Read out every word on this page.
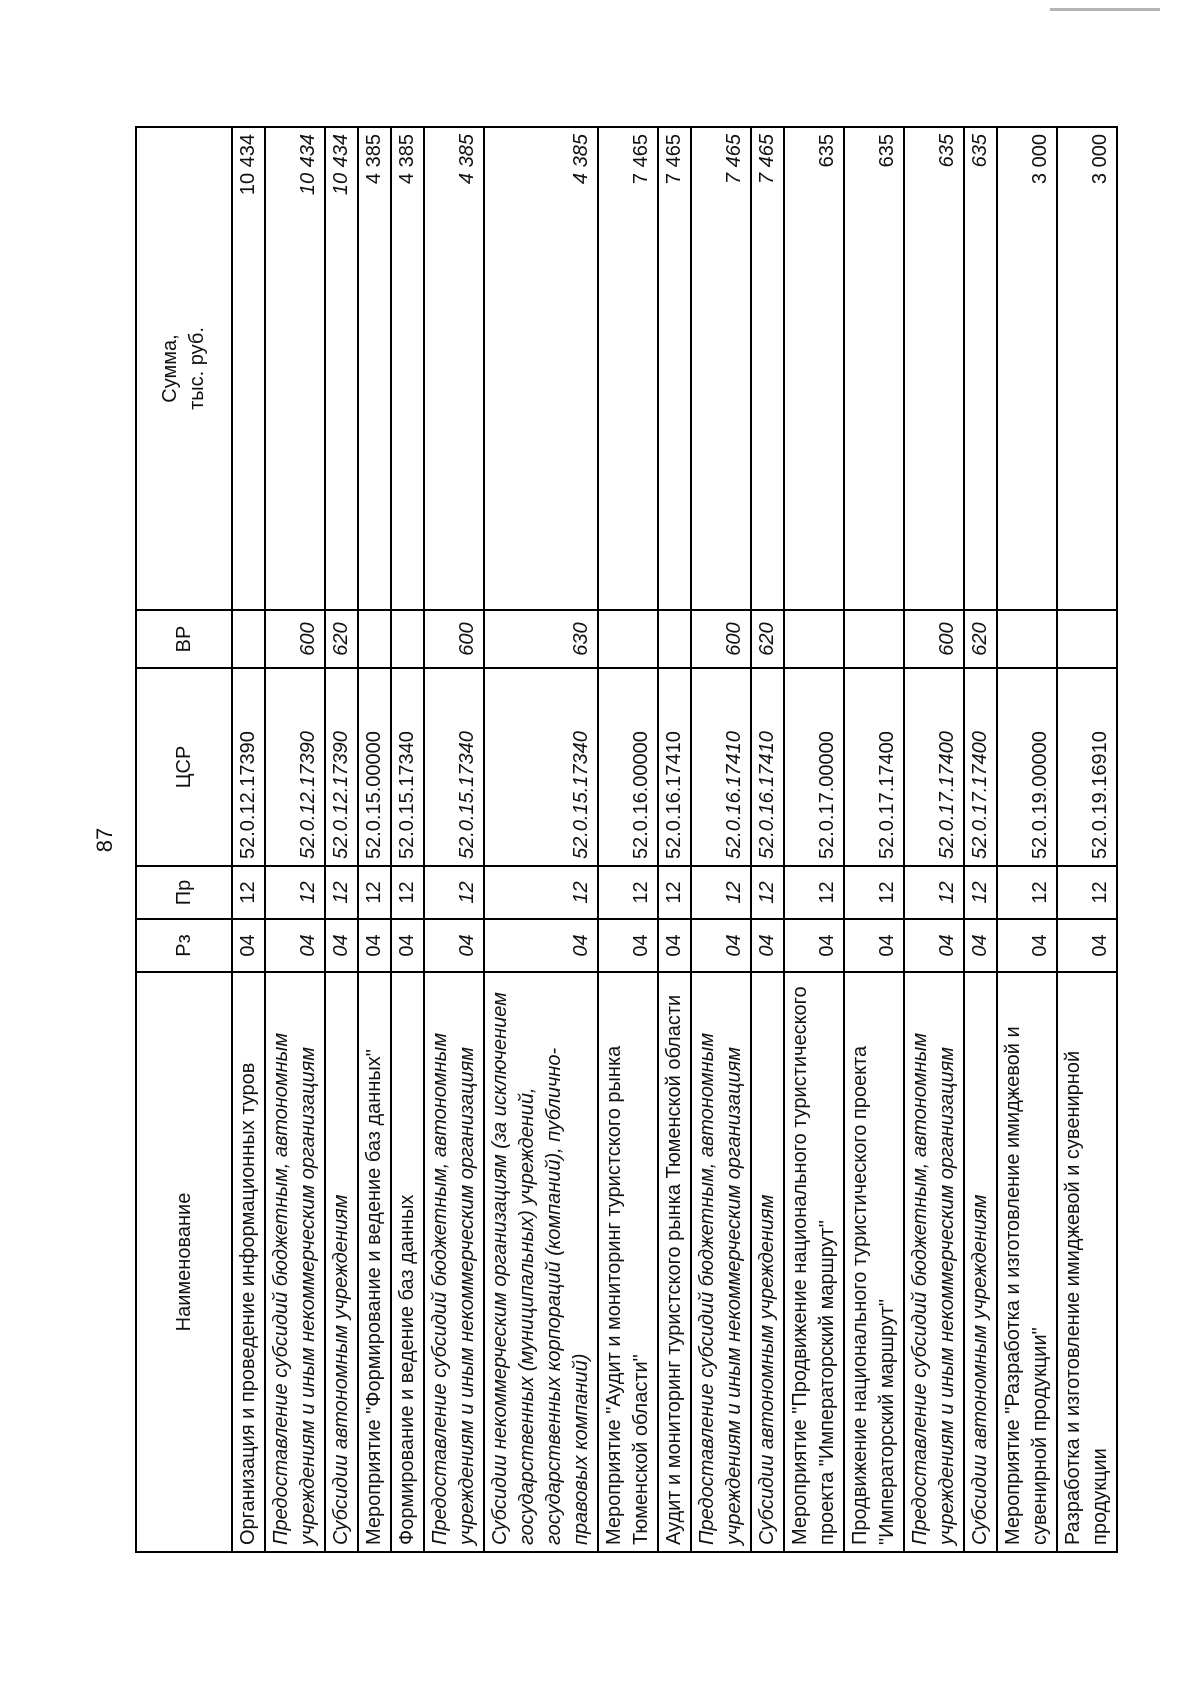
87
Наименование	Рз	Пр	ЦСР	ВР	Сумма, тыс. руб.

Организация и проведение информационных туров	04	12	52.0.12.17390		10 434
Предоставление субсидий бюджетным, автономным учреждениям и иным некоммерческим организациям	04	12	52.0.12.17390	600	10 434
Субсидии автономным учреждениям	04	12	52.0.12.17390	620	10 434
Мероприятие "Формирование и ведение баз данных"	04	12	52.0.15.00000		4 385
Формирование и ведение баз данных	04	12	52.0.15.17340		4 385
Предоставление субсидий бюджетным, автономным учреждениям и иным некоммерческим организациям	04	12	52.0.15.17340	600	4 385
Субсидии некоммерческим организациям (за исключением государственных (муниципальных) учреждений, государственных корпораций (компаний), публично-правовых компаний)	04	12	52.0.15.17340	630	4 385
Мероприятие "Аудит и мониторинг туристского рынка Тюменской области"	04	12	52.0.16.00000		7 465
Аудит и мониторинг туристского рынка Тюменской области	04	12	52.0.16.17410		7 465
Предоставление субсидий бюджетным, автономным учреждениям и иным некоммерческим организациям	04	12	52.0.16.17410	600	7 465
Субсидии автономным учреждениям	04	12	52.0.16.17410	620	7 465
Мероприятие "Продвижение национального туристического проекта "Императорский маршрут"	04	12	52.0.17.00000		635
Продвижение национального туристического проекта "Императорский маршрут"	04	12	52.0.17.17400		635
Предоставление субсидий бюджетным, автономным учреждениям и иным некоммерческим организациям	04	12	52.0.17.17400	600	635
Субсидии автономным учреждениям	04	12	52.0.17.17400	620	635
Мероприятие "Разработка и изготовление имиджевой и сувенирной продукции"	04	12	52.0.19.00000		3 000
Разработка и изготовление имиджевой и сувенирной продукции	04	12	52.0.19.16910		3 000
